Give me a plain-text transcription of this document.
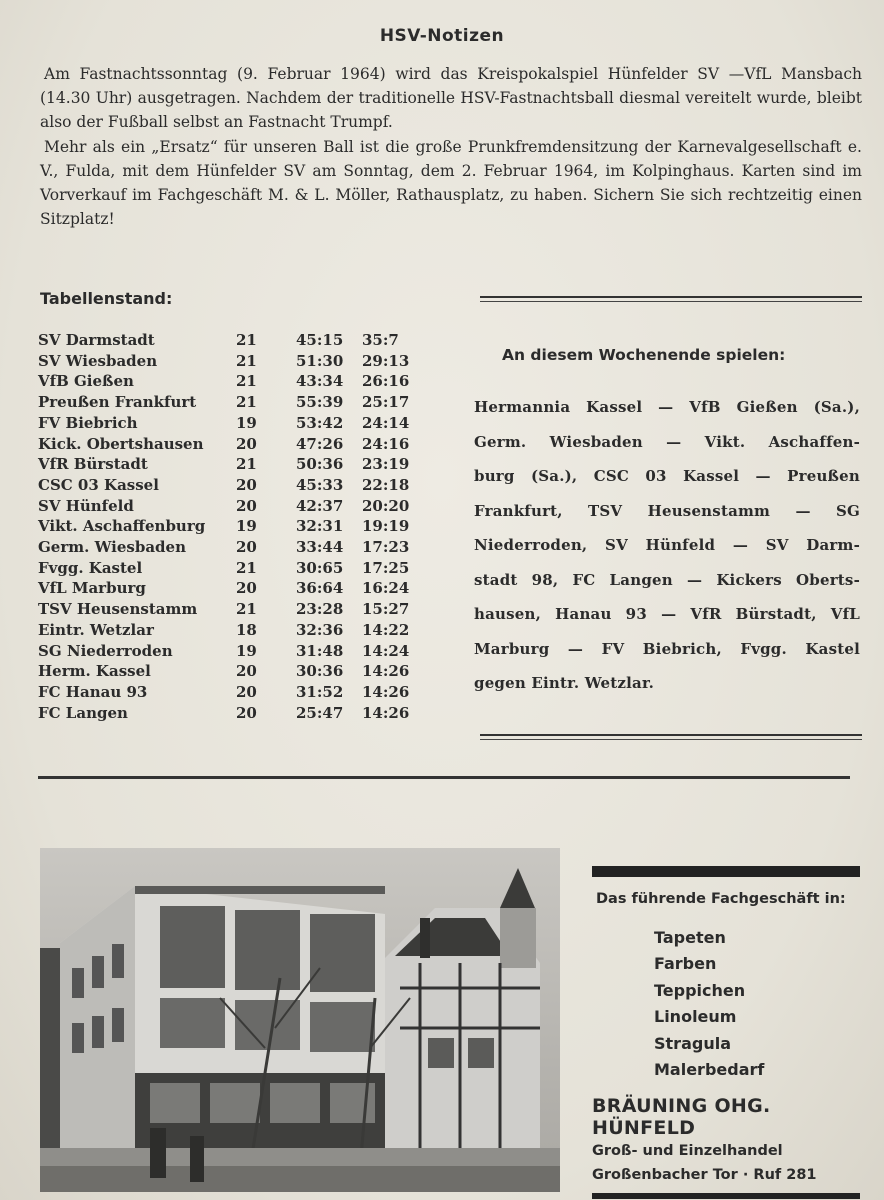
HSV-Notizen

Am Fastnachtssonntag (9. Februar 1964) wird das Kreispokalspiel Hünfelder SV —VfL Mansbach (14.30 Uhr) ausgetragen. Nachdem der traditionelle HSV-Fastnachtsball diesmal vereitelt wurde, bleibt also der Fußball selbst an Fastnacht Trumpf.

Mehr als ein „Ersatz“ für unseren Ball ist die große Prunkfremdensitzung der Karnevalgesellschaft e. V., Fulda, mit dem Hünfelder SV am Sonntag, dem 2. Februar 1964, im Kolpinghaus. Karten sind im Vorverkauf im Fachgeschäft M. & L. Möller, Rathausplatz, zu haben. Sichern Sie sich rechtzeitig einen Sitzplatz!

Tabellenstand:
SV Darmstadt	21	45:15	35:7
SV Wiesbaden	21	51:30	29:13
VfB Gießen	21	43:34	26:16
Preußen Frankfurt	21	55:39	25:17
FV Biebrich	19	53:42	24:14
Kick. Obertshausen	20	47:26	24:16
VfR Bürstadt	21	50:36	23:19
CSC 03 Kassel	20	45:33	22:18
SV Hünfeld	20	42:37	20:20
Vikt. Aschaffenburg	19	32:31	19:19
Germ. Wiesbaden	20	33:44	17:23
Fvgg. Kastel	21	30:65	17:25
VfL Marburg	20	36:64	16:24
TSV Heusenstamm	21	23:28	15:27
Eintr. Wetzlar	18	32:36	14:22
SG Niederroden	19	31:48	14:24
Herm. Kassel	20	30:36	14:26
FC Hanau 93	20	31:52	14:26
FC Langen	20	25:47	14:26
An diesem Wochenende spielen:
Hermannia Kassel — VfB Gießen (Sa.),
Germ. Wiesbaden — Vikt. Aschaffen-
burg (Sa.), CSC 03 Kassel — Preußen
Frankfurt, TSV Heusenstamm — SG
Niederroden, SV Hünfeld — SV Darm-
stadt 98, FC Langen — Kickers Oberts-
hausen, Hanau 93 — VfR Bürstadt, VfL
Marburg — FV Biebrich, Fvgg. Kastel
gegen Eintr. Wetzlar.
Das führende Fachgeschäft in:
Tapeten
Farben
Teppichen
Linoleum
Stragula
Malerbedarf
BRÄUNING OHG. HÜNFELD
Groß- und Einzelhandel
Großenbacher Tor · Ruf 281
